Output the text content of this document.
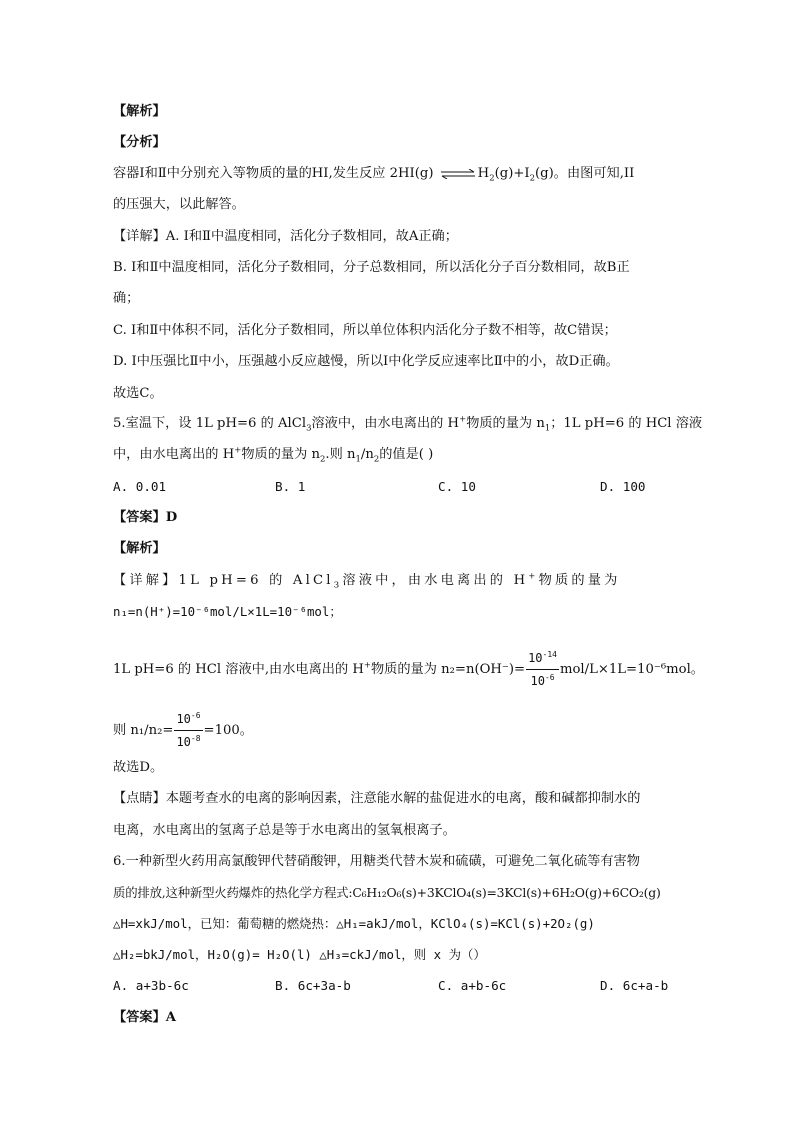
【解析】
【分析】
容器Ⅰ和Ⅱ中分别充入等物质的量的HI,发生反应 2HI(g) ⇌ $H_2(g)+I_2(g)$。由图可知,II
的压强大，以此解答。
【详解】A. Ⅰ和Ⅱ中温度相同，活化分子数相同，故A正确；
B. Ⅰ和Ⅱ中温度相同，活化分子数相同，分子总数相同，所以活化分子百分数相同，故B正
确；
C. Ⅰ和Ⅱ中体积不同，活化分子数相同，所以单位体积内活化分子数不相等，故C错误；
D. Ⅰ中压强比Ⅱ中小，压强越小反应越慢，所以Ⅰ中化学反应速率比Ⅱ中的小，故D正确。
故选C。
5.室温下，设 1L pH=6 的 AlCl$_3$溶液中，由水电离出的 H+物质的量为 $n_1$；1L pH=6 的 HCl 溶液
中，由水电离出的 H+物质的量为 $n_2$.则 $n_1/n_2$的值是( )
A. 0.01	B. 1	C. 10	D. 100
【答案】D
【解析】
【详解】1L pH=6 的 AlCl$_3$溶液中，由水电离出的 H+物质的量为
n₁=n(H⁺)=10⁻⁶mol/L×1L=10⁻⁶mol；
1L pH=6 的 HCl 溶液中,由水电离出的 H+物质的量为 $n_2=n(OH^-)= \frac{10^{-14}}{10^{-6}} mol/L\times 1L=10^{-6}mol$。
则 $n_1/n_2= \frac{10^{-6}}{10^{-8}} =100$。
故选D。
【点睛】本题考查水的电离的影响因素，注意能水解的盐促进水的电离，酸和碱都抑制水的
电离，水电离出的氢离子总是等于水电离出的氢氧根离子。
6.一种新型火药用高氯酸钾代替硝酸钾，用糖类代替木炭和硫磺，可避免二氧化硫等有害物
质的排放,这种新型火药爆炸的热化学方程式:C₆H₁₂O₆(s)+3KClO₄(s)=3KCl(s)+6H₂O(g)+6CO₂(g)
△H=xkJ/mol，已知：葡萄糖的燃烧热：△H₁=akJ/mol，KClO₄(s)=KCl(s)+2O₂(g)
△H₂=bkJ/mol，H₂O(g)= H₂O(l) △H₃=ckJ/mol，则 x 为（）
A. a+3b-6c	B. 6c+3a-b	C. a+b-6c	D. 6c+a-b
【答案】A
